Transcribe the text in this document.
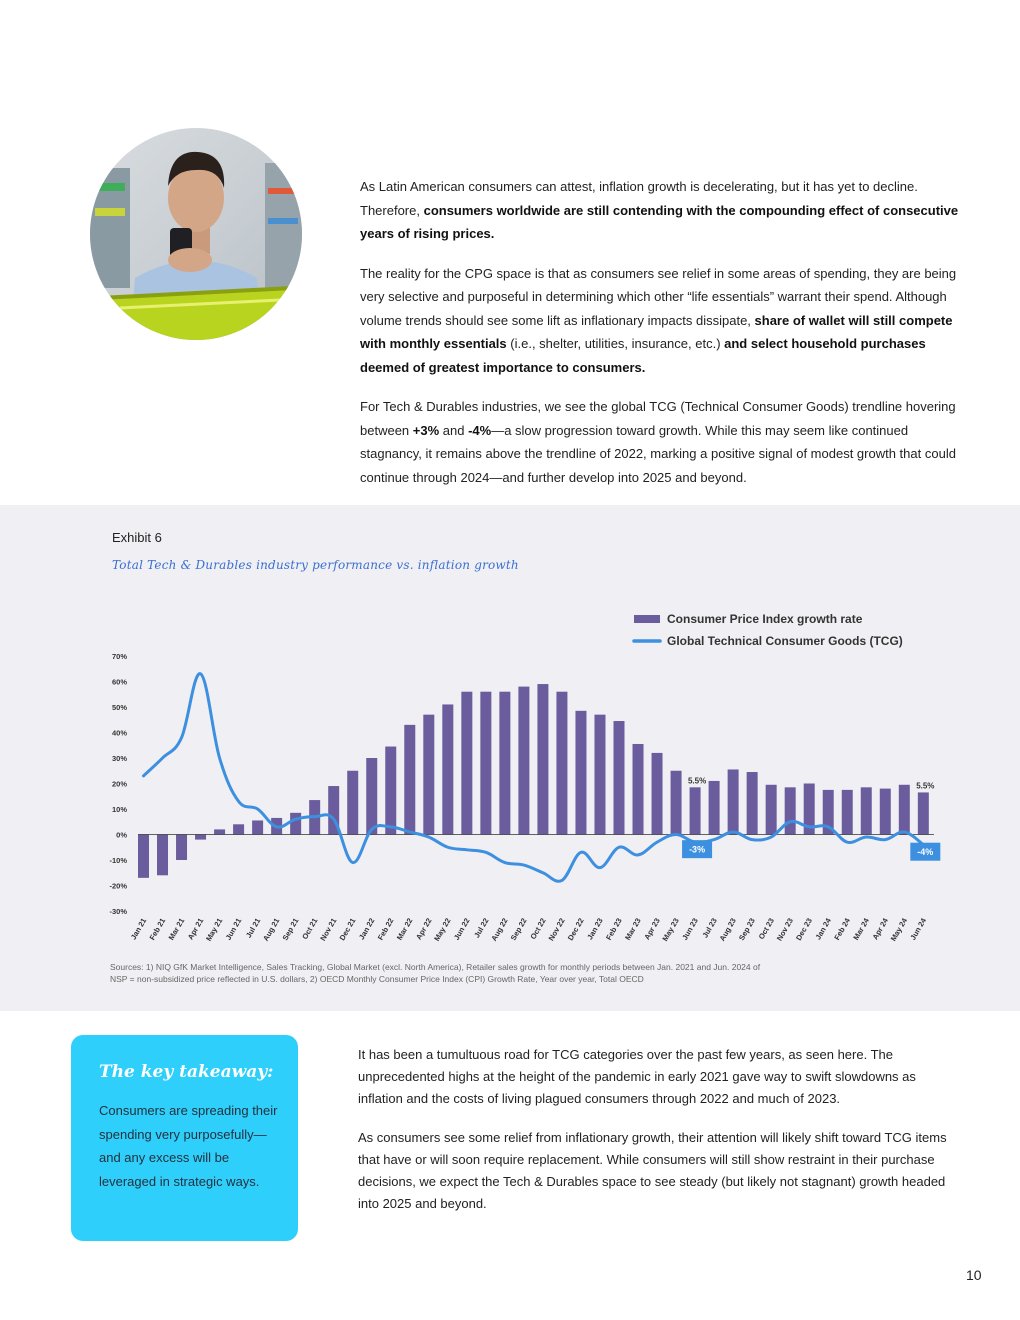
As Latin American consumers can attest, inflation growth is decelerating, but it has yet to decline. Therefore, consumers worldwide are still contending with the compounding effect of consecutive years of rising prices.

The reality for the CPG space is that as consumers see relief in some areas of spending, they are being very selective and purposeful in determining which other “life essentials” warrant their spend. Although volume trends should see some lift as inflationary impacts dissipate, share of wallet will still compete with monthly essentials (i.e., shelter, utilities, insurance, etc.) and select household purchases deemed of greatest importance to consumers.

For Tech & Durables industries, we see the global TCG (Technical Consumer Goods) trendline hovering between +3% and -4%—a slow progression toward growth. While this may seem like continued stagnancy, it remains above the trendline of 2022, marking a positive signal of modest growth that could continue through 2024—and further develop into 2025 and beyond.

Exhibit 6
Total Tech & Durables industry performance vs. inflation growth
70%
60%
50%
40%
30%
20%
10%
0%
-10%
-20%
-30%
Jan 21 Feb 21 Mar 21 Apr 21
May 21 Jun 21 Jul 21
Aug 21 Sep 21 Oct 21
Nov 21 Dec 21 Jan 22 Feb 22 Mar 22 Apr 22
May 22 Jun 22 Jul 22
Aug 22 Sep 22 Oct 22
Nov 22 Dec 22 Jan 23 Feb 23 Mar 23 Apr 23
May 23 Jun 23 Jul 23
Aug 23 Sep 23 Oct 23
Nov 23 Dec 23 Jan 24 Feb 24 Mar 24 Apr 24
May 24 Jun 24
5.5%
-3%
5.5%
-4%
Consumer Price Index growth rate
Global Technical Consumer Goods (TCG)
Sources: 1) NIQ GfK Market Intelligence, Sales Tracking, Global Market (excl. North America), Retailer sales growth for monthly periods between Jan. 2021 and Jun. 2024 of
NSP = non-subsidized price reflected in U.S. dollars, 2) OECD Monthly Consumer Price Index (CPI) Growth Rate, Year over year, Total OECD
The key takeaway:
Consumers are spreading their spending very purposefully—and any excess will be leveraged in strategic ways.

It has been a tumultuous road for TCG categories over the past few years, as seen here. The unprecedented highs at the height of the pandemic in early 2021 gave way to swift slowdowns as inflation and the costs of living plagued consumers through 2022 and much of 2023.

As consumers see some relief from inflationary growth, their attention will likely shift toward TCG items that have or will soon require replacement. While consumers will still show restraint in their purchase decisions, we expect the Tech & Durables space to see steady (but likely not stagnant) growth headed into 2025 and beyond.

10
